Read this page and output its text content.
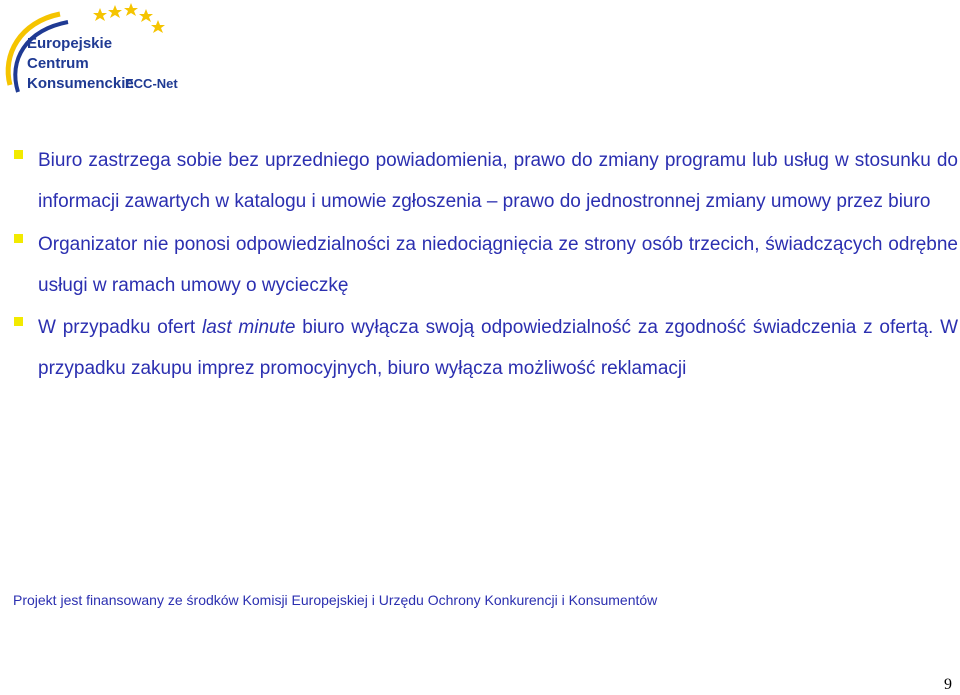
Europejskie
Centrum
Konsumenckie
ECC-Net

Biuro zastrzega sobie bez uprzedniego powiadomienia, prawo do zmiany programu lub usług w stosunku do informacji zawartych w katalogu i umowie zgłoszenia – prawo do jednostronnej zmiany umowy przez biuro

Organizator nie ponosi odpowiedzialności za niedociągnięcia ze strony osób trzecich, świadczących odrębne usługi w ramach umowy o wycieczkę

W przypadku ofert last minute biuro wyłącza swoją odpowiedzialność za zgodność świadczenia z ofertą. W przypadku zakupu imprez promocyjnych, biuro wyłącza możliwość reklamacji

Projekt jest finansowany ze środków Komisji Europejskiej i Urzędu Ochrony Konkurencji i Konsumentów
9
